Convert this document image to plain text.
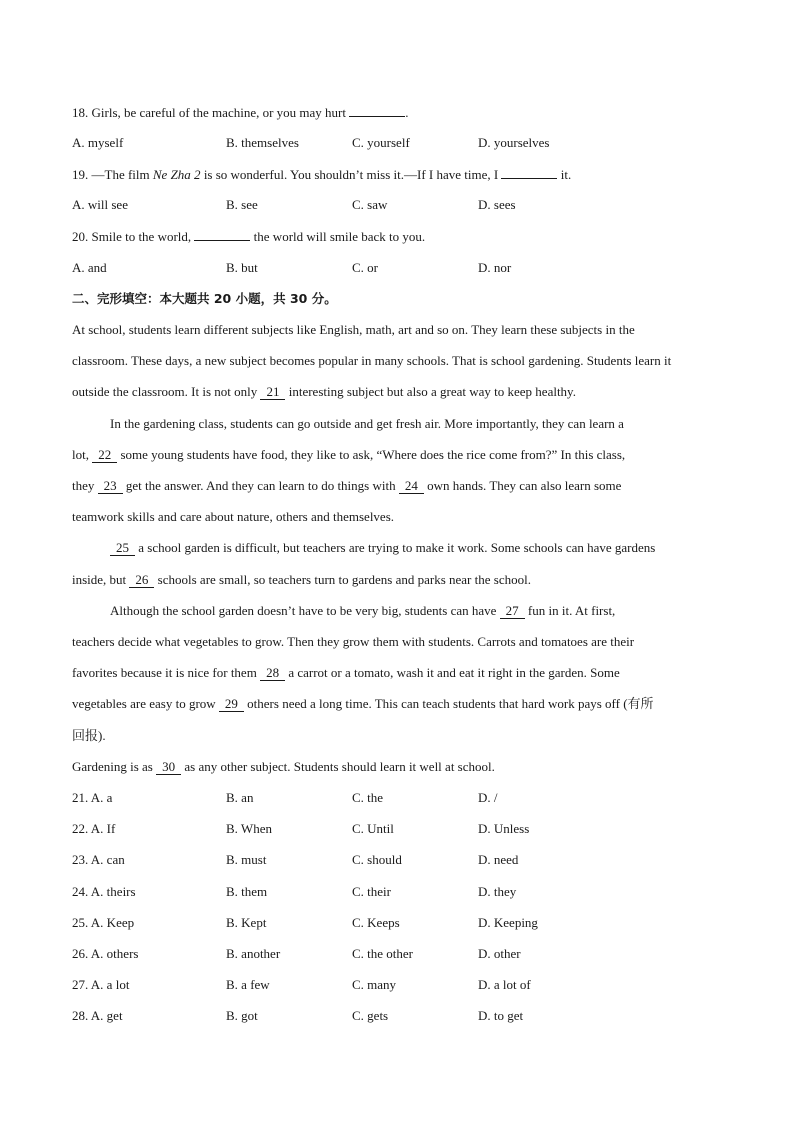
18. Girls, be careful of the machine, or you may hurt	.
A. myself	B. themselves	C. yourself	D. yourselves
19. —The film Ne Zha 2 is so wonderful. You shouldn’t miss it.—If I have time, I	it.
A. will see	B. see	C. saw	D. sees
20. Smile to the world,	the world will smile back to you.
A. and	B. but	C. or	D. nor
二、完形填空：本大题共 20 小题，共 30 分。
At school, students learn different subjects like English, math, art and so on. They learn these subjects in the
classroom. These days, a new subject becomes popular in many schools. That is school gardening. Students learn it
outside the classroom. It is not only 21 interesting subject but also a great way to keep healthy.
In the gardening class, students can go outside and get fresh air. More importantly, they can learn a
lot, 22 some young students have food, they like to ask, “Where does the rice come from?” In this class,
they 23 get the answer. And they can learn to do things with 24 own hands. They can also learn some
teamwork skills and care about nature, others and themselves.
25 a school garden is difficult, but teachers are trying to make it work. Some schools can have gardens
inside, but 26 schools are small, so teachers turn to gardens and parks near the school.
Although the school garden doesn’t have to be very big, students can have 27 fun in it. At first,
teachers decide what vegetables to grow. Then they grow them with students. Carrots and tomatoes are their
favorites because it is nice for them 28 a carrot or a tomato, wash it and eat it right in the garden. Some
vegetables are easy to grow 29 others need a long time. This can teach students that hard work pays off (有所
回报).
Gardening is as 30 as any other subject. Students should learn it well at school.
21. A. a	B. an	C. the	D. /
22. A. If	B. When	C. Until	D. Unless
23. A. can	B. must	C. should	D. need
24. A. theirs	B. them	C. their	D. they
25. A. Keep	B. Kept	C. Keeps	D. Keeping
26. A. others	B. another	C. the other	D. other
27. A. a lot	B. a few	C. many	D. a lot of
28. A. get	B. got	C. gets	D. to get
